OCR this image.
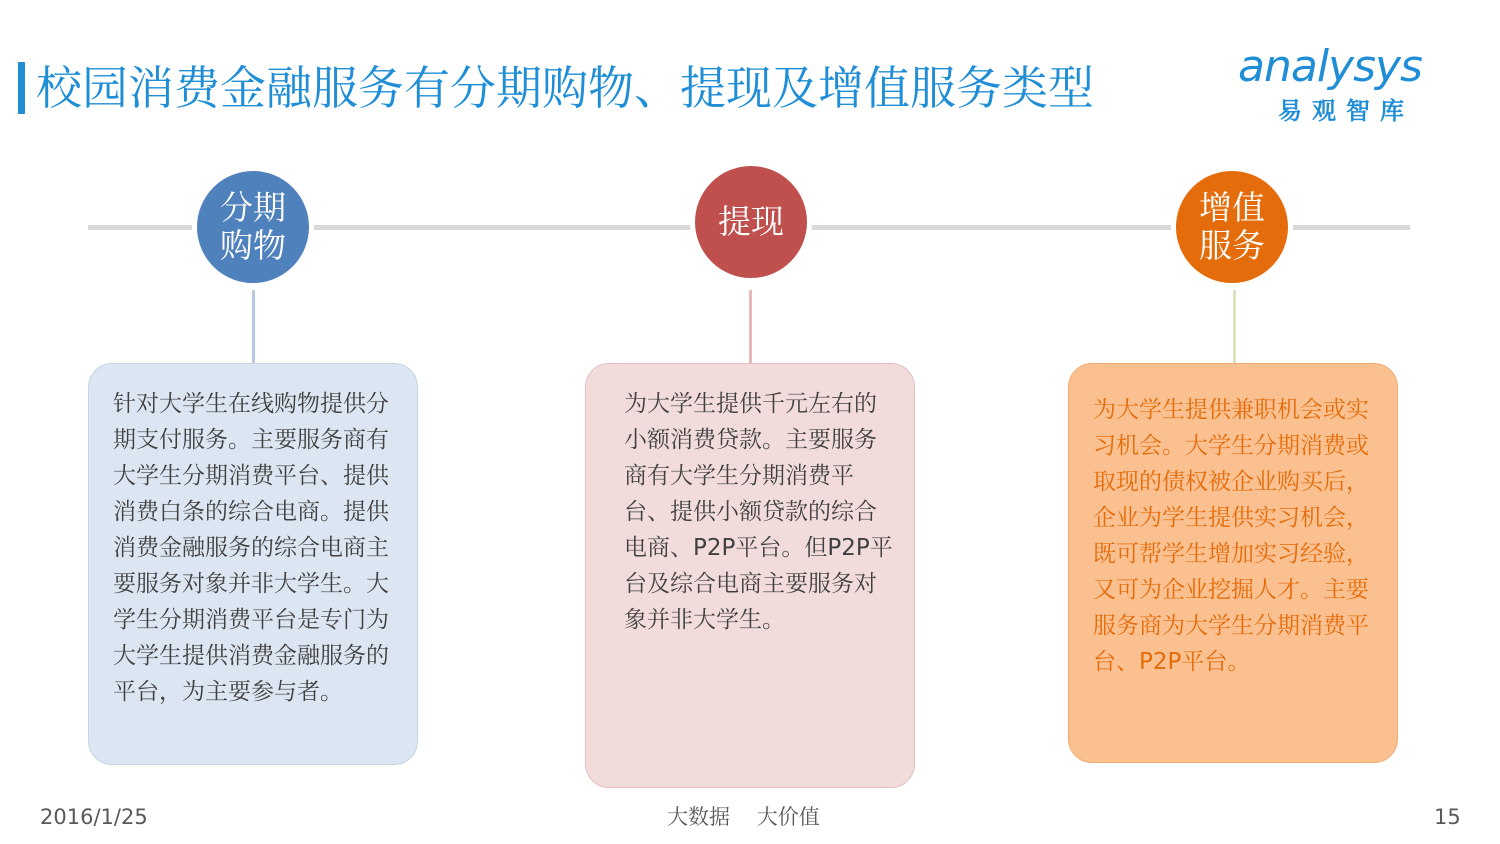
校园消费金融服务有分期购物、提现及增值服务类型	analysys
易观智库
分期购物
针对大学生在线购物提供分期支付服务。主要服务商有大学生分期消费平台、提供消费白条的综合电商。提供消费金融服务的综合电商主要服务对象并非大学生。大学生分期消费平台是专门为大学生提供消费金融服务的平台，为主要参与者。
提现
为大学生提供千元左右的小额消费贷款。主要服务商有大学生分期消费平台、提供小额贷款的综合电商、P2P平台。但P2P平台及综合电商主要服务对象并非大学生。
增值服务
为大学生提供兼职机会或实习机会。大学生分期消费或取现的债权被企业购买后，企业为学生提供实习机会，既可帮学生增加实习经验，又可为企业挖掘人才。主要服务商为大学生分期消费平台、P2P平台。
2016/1/25	大数据    大价值	15
